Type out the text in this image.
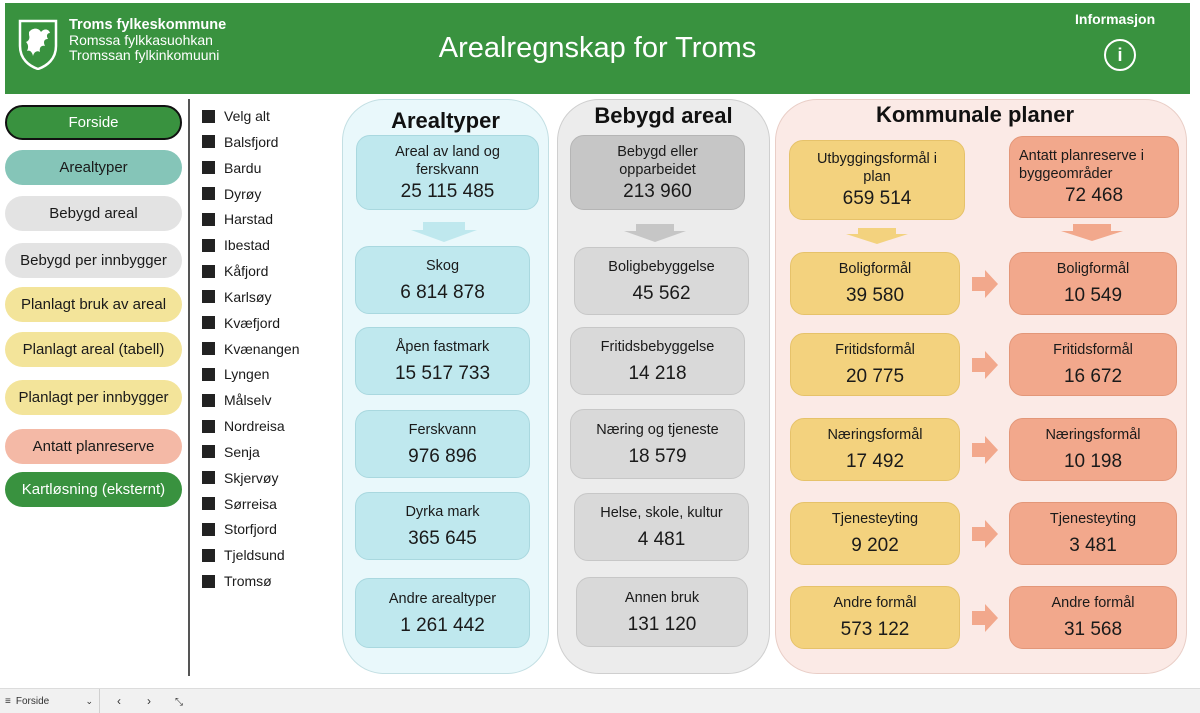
Troms fylkeskommune
Romssa fylkkasuohkan
Tromssan fylkinkomuuni	Arealregnskap for Troms
Informasjon
i
Forside
Arealtyper
Bebygd areal
Bebygd per innbygger
Planlagt bruk av areal
Planlagt areal (tabell)
Planlagt per innbygger
Antatt planreserve
Kartløsning (eksternt)
Velg alt
Balsfjord
Bardu
Dyrøy
Harstad
Ibestad
Kåfjord
Karlsøy
Kvæfjord
Kvænangen
Lyngen
Målselv
Nordreisa
Senja
Skjervøy
Sørreisa
Storfjord
Tjeldsund
Tromsø
Arealtyper
Areal av land og ferskvann
25 115 485
Skog
6 814 878
Åpen fastmark
15 517 733
Ferskvann
976 896
Dyrka mark
365 645
Andre arealtyper
1 261 442
Bebygd areal
Bebygd eller opparbeidet
213 960
Boligbebyggelse
45 562
Fritidsbebyggelse
14 218
Næring og tjeneste
18 579
Helse, skole, kultur
4 481
Annen bruk
131 120
Kommunale planer
Utbyggingsformål i plan
659 514
Antatt planreserve i byggeområder
72 468
Boligformål
39 580
Boligformål
10 549
Fritidsformål
20 775
Fritidsformål
16 672
Næringsformål
17 492
Næringsformål
10 198
Tjenesteyting
9 202
Tjenesteyting
3 481
Andre formål
573 122
Andre formål
31 568
≡ Forside	⌄	‹	›	⤡
